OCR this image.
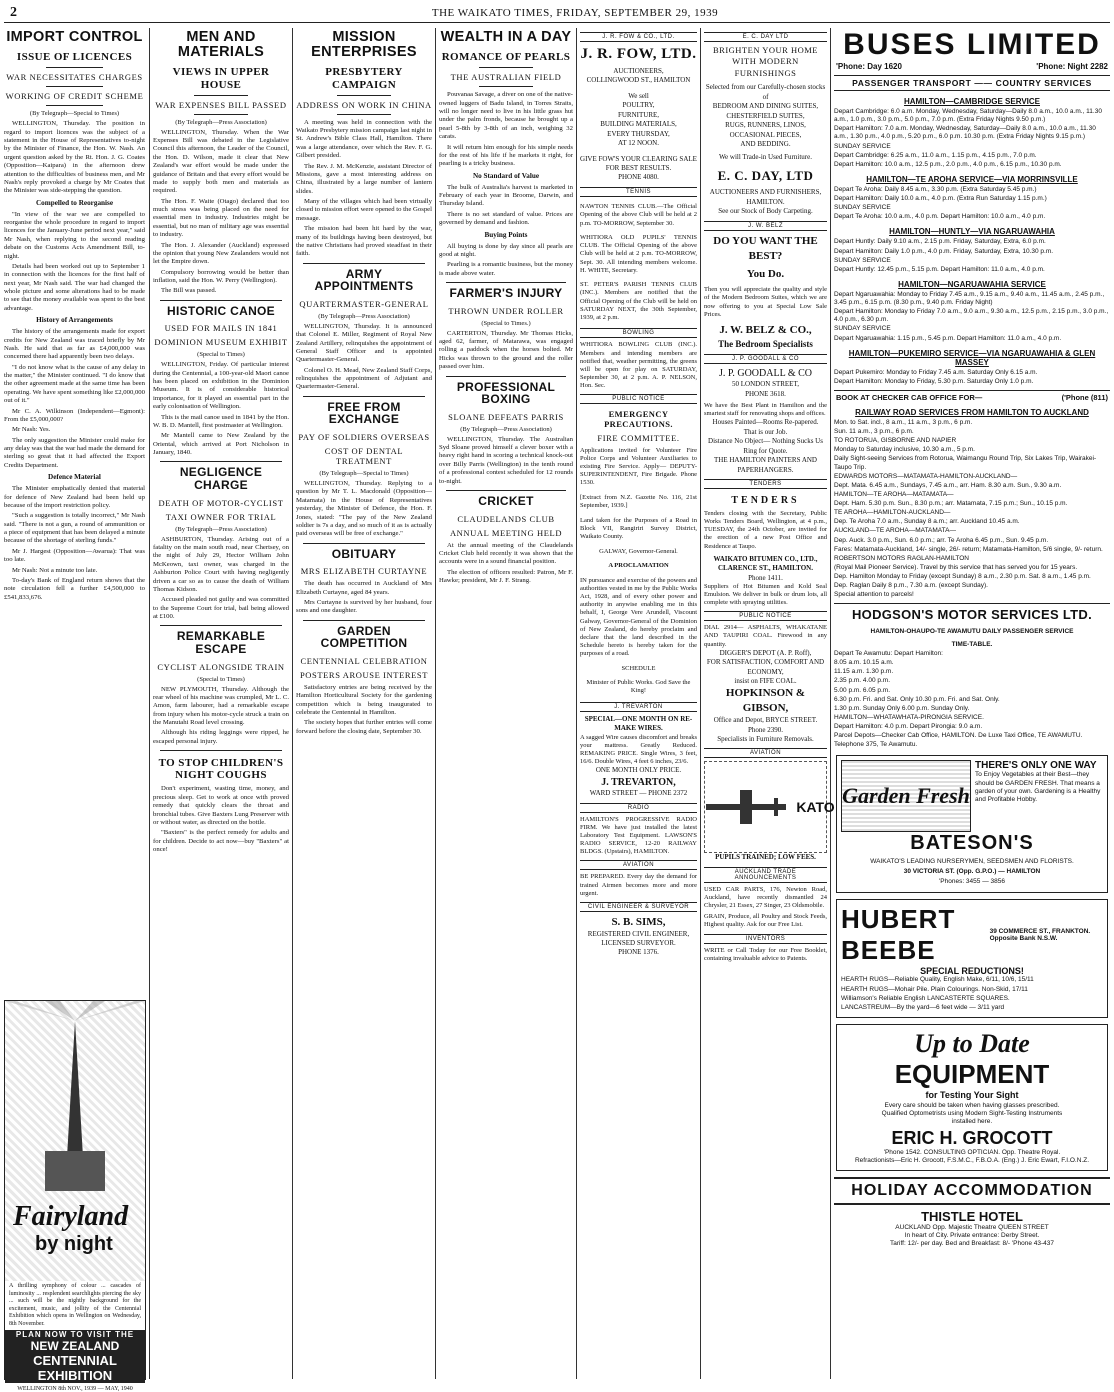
2	THE WAIKATO TIMES, FRIDAY, SEPTEMBER 29, 1939
IMPORT CONTROL
ISSUE OF LICENCES
WAR NECESSITATES CHARGES
WORKING OF CREDIT SCHEME
(By Telegraph—Special to Times)

WELLINGTON, Thursday. The position in regard to import licences was the subject of a statement in the House of Representatives to-night by the Minister of Finance, the Hon. W. Nash. An urgent question asked by the Rt. Hon. J. G. Coates (Opposition—Kaipara) in the afternoon drew attention to the difficulties of business men, and Mr Nash's reply provoked a charge by Mr Coates that the Minister was side-stepping the question.

Compelled to Reorganise

"In view of the war we are compelled to reorganise the whole procedure in regard to import licences for the January-June period next year," said Mr Nash, when replying to the second reading debate on the Customs Acts Amendment Bill, to-night.

Details had been worked out up to September 1 in connection with the licences for the first half of next year, Mr Nash said. The war had changed the whole picture and some alterations had to be made to see that the money available was spent to the best advantage.

History of Arrangements

The history of the arrangements made for export credits for New Zealand was traced briefly by Mr Nash. He said that as far as £4,000,000 was concerned there had apparently been two delays.

"I do not know what is the cause of any delay in the matter," the Minister continued. "I do know that the other agreement made at the same time has been operating. We have spent something like £2,000,000 out of it."

Mr C. A. Wilkinson (Independent—Egmont): From the £5,000,000?

Mr Nash: Yes.

The only suggestion the Minister could make for any delay was that the war had made the demand for sterling so great that it had affected the Export Credits Department.

Defence Material

The Minister emphatically denied that material for defence of New Zealand had been held up because of the import restriction policy.

"Such a suggestion is totally incorrect," Mr Nash said. "There is not a gun, a round of ammunition or a piece of equipment that has been delayed a minute because of the shortage of sterling funds."

Mr J. Hargest (Opposition—Awarua): That was too late.

Mr Nash: Not a minute too late.

To-day's Bank of England return shows that the note circulation fell a further £4,500,000 to £541,833,676.

Fairyland
by night
A thrilling symphony of colour ... cascades of luminosity ... resplendent searchlights piercing the sky ... such will be the nightly background for the excitement, music, and jollity of the Centennial Exhibition which opens in Wellington on Wednesday, 8th November.
PLAN NOW TO VISIT THE
NEW ZEALAND
CENTENNIAL
EXHIBITION
WELLINGTON 8th NOV., 1939 — MAY, 1940
MEN AND MATERIALS
VIEWS IN UPPER HOUSE
WAR EXPENSES BILL PASSED
(By Telegraph—Press Association)

WELLINGTON, Thursday. When the War Expenses Bill was debated in the Legislative Council this afternoon, the Leader of the Council, the Hon. D. Wilson, made it clear that New Zealand's war effort would be made under the guidance of Britain and that every effort would be made to supply both men and materials as required.

The Hon. F. Waite (Otago) declared that too much stress was being placed on the need for essential men in industry. Industries might be essential, but no man of military age was essential to industry.

The Hon. J. Alexander (Auckland) expressed the opinion that young New Zealanders would not let the Empire down.

Compulsory borrowing would be better than inflation, said the Hon. W. Perry (Wellington).

The Bill was passed.

HISTORIC CANOE
USED FOR MAILS IN 1841
DOMINION MUSEUM EXHIBIT
(Special to Times)

WELLINGTON, Friday. Of particular interest during the Centennial, a 100-year-old Maori canoe has been placed on exhibition in the Dominion Museum. It is of considerable historical importance, for it played an essential part in the early colonisation of Wellington.

This is the mail canoe used in 1841 by the Hon. W. B. D. Mantell, first postmaster at Wellington.

Mr Mantell came to New Zealand by the Oriental, which arrived at Port Nicholson in January, 1840.

NEGLIGENCE CHARGE
DEATH OF MOTOR-CYCLIST
TAXI OWNER FOR TRIAL
(By Telegraph—Press Association)

ASHBURTON, Thursday. Arising out of a fatality on the main south road, near Chertsey, on the night of July 29, Hector William John McKeown, taxi owner, was charged in the Ashburton Police Court with having negligently driven a car so as to cause the death of William Thomas Kidson.

Accused pleaded not guilty and was committed to the Supreme Court for trial, bail being allowed at £100.

REMARKABLE ESCAPE
CYCLIST ALONGSIDE TRAIN
(Special to Times)

NEW PLYMOUTH, Thursday. Although the rear wheel of his machine was crumpled, Mr L. C. Amon, farm labourer, had a remarkable escape from injury when his motor-cycle struck a train on the Manutahi Road level crossing.

Although his riding leggings were ripped, he escaped personal injury.

TO STOP CHILDREN'S NIGHT COUGHS

Don't experiment, wasting time, money, and precious sleep. Get to work at once with proved remedy that quickly clears the throat and bronchial tubes. Give Baxters Lung Preserver with or without water, as directed on the bottle.

"Baxters" is the perfect remedy for adults and for children. Decide to act now—buy "Baxters" at once!

MISSION ENTERPRISES
PRESBYTERY CAMPAIGN
ADDRESS ON WORK IN CHINA

A meeting was held in connection with the Waikato Presbytery mission campaign last night in St. Andrew's Bible Class Hall, Hamilton. There was a large attendance, over which the Rev. F. G. Gilbert presided.

The Rev. J. M. McKenzie, assistant Director of Missions, gave a most interesting address on China, illustrated by a large number of lantern slides.

Many of the villages which had been virtually closed to mission effort were opened to the Gospel message.

The mission had been hit hard by the war, many of its buildings having been destroyed, but the native Christians had proved steadfast in their faith.

ARMY APPOINTMENTS
QUARTERMASTER-GENERAL
(By Telegraph—Press Association)

WELLINGTON, Thursday. It is announced that Colonel E. Miller, Regiment of Royal New Zealand Artillery, relinquishes the appointment of General Staff Officer and is appointed Quartermaster-General.

Colonel O. H. Mead, New Zealand Staff Corps, relinquishes the appointment of Adjutant and Quartermaster-General.

FREE FROM EXCHANGE
PAY OF SOLDIERS OVERSEAS
COST OF DENTAL TREATMENT
(By Telegraph—Special to Times)

WELLINGTON, Thursday. Replying to a question by Mr T. L. Macdonald (Opposition—Matamata) in the House of Representatives yesterday, the Minister of Defence, the Hon. F. Jones, stated: "The pay of the New Zealand soldier is 7s a day, and so much of it as is actually paid overseas will be free of exchange."

OBITUARY
MRS ELIZABETH CURTAYNE

The death has occurred in Auckland of Mrs Elizabeth Curtayne, aged 84 years.

Mrs Curtayne is survived by her husband, four sons and one daughter.

GARDEN COMPETITION
CENTENNIAL CELEBRATION
POSTERS AROUSE INTEREST

Satisfactory entries are being received by the Hamilton Horticultural Society for the gardening competition which is being inaugurated to celebrate the Centennial in Hamilton.

The society hopes that further entries will come forward before the closing date, September 30.

WEALTH IN A DAY
ROMANCE OF PEARLS
THE AUSTRALIAN FIELD

Pouvanaa Savage, a diver on one of the native-owned luggers of Badu Island, in Torres Straits, will no longer need to live in his little grass hut under the palm fronds, because he brought up a pearl 5-8th by 3-8th of an inch, weighing 32 carats.

It will return him enough for his simple needs for the rest of his life if he markets it right, for pearling is a tricky business.

No Standard of Value

The bulk of Australia's harvest is marketed in February of each year in Broome, Darwin, and Thursday Island.

There is no set standard of value. Prices are governed by demand and fashion.

Buying Points

All buying is done by day since all pearls are good at night.

Pearling is a romantic business, but the money is made above water.

FARMER'S INJURY
THROWN UNDER ROLLER
(Special to Times.)

CARTERTON, Thursday. Mr Thomas Hicks, aged 62, farmer, of Matarawa, was engaged rolling a paddock when the horses bolted. Mr Hicks was thrown to the ground and the roller passed over him.

PROFESSIONAL BOXING
SLOANE DEFEATS PARRIS
(By Telegraph—Press Association)

WELLINGTON, Thursday. The Australian Syd Sloane proved himself a clever boxer with a heavy right hand in scoring a technical knock-out over Billy Parris (Wellington) in the tenth round of a professional contest scheduled for 12 rounds to-night.

CRICKET
CLAUDELANDS CLUB
ANNUAL MEETING HELD

At the annual meeting of the Claudelands Cricket Club held recently it was shown that the accounts were in a sound financial position.

The election of officers resulted: Patron, Mr F. Hawke; president, Mr J. F. Strang.

J. R. FOW & CO., LTD.
J. R. FOW, LTD.
AUCTIONEERS,
COLLINGWOOD ST., HAMILTON
We sell
POULTRY,
FURNITURE,
BUILDING MATERIALS,
EVERY THURSDAY,
AT 12 NOON.
GIVE FOW'S YOUR CLEARING SALE FOR BEST RESULTS.
PHONE 4080.
TENNIS

NAWTON TENNIS CLUB.—The Official Opening of the above Club will be held at 2 p.m. TO-MORROW, September 30.

WHITIORA OLD PUPILS' TENNIS CLUB. The Official Opening of the above Club will be held at 2 p.m. TO-MORROW, Sept. 30. All intending members welcome. H. WHITE, Secretary.

ST. PETER'S PARISH TENNIS CLUB (INC.). Members are notified that the Official Opening of the Club will be held on SATURDAY NEXT, the 30th September, 1939, at 2 p.m.

BOWLING
WHITIORA BOWLING CLUB (INC.). Members and intending members are notified that, weather permitting, the greens will be open for play on SATURDAY, September 30, at 2 p.m. A. P. NELSON, Hon. Sec.
PUBLIC NOTICE
EMERGENCY PRECAUTIONS.
FIRE COMMITTEE.
Applications invited for Volunteer Fire Police Corps and Volunteer Auxiliaries to existing Fire Service. Apply— DEPUTY-SUPERINTENDENT, Fire Brigade. Phone 1530.

[Extract from N.Z. Gazette No. 116, 21st September, 1939.]

Land taken for the Purposes of a Road in Block VII, Rangiriri Survey District, Waikato County.

GALWAY, Governor-General.

A PROCLAMATION

IN pursuance and exercise of the powers and authorities vested in me by the Public Works Act, 1928, and of every other power and authority in anywise enabling me in this behalf, I, George Vere Arundell, Viscount Galway, Governor-General of the Dominion of New Zealand, do hereby proclaim and declare that the land described in the Schedule hereto is hereby taken for the purposes of a road.

SCHEDULE

Minister of Public Works. God Save the King!

J. TREVARTON
SPECIAL—ONE MONTH ON RE-MAKE WIRES.
A sagged Wire causes discomfort and breaks your mattress. Greatly Reduced. REMAKING PRICE. Single Wires, 3 feet, 16/6. Double Wires, 4 feet 6 inches, 23/6.
ONE MONTH ONLY PRICE.
J. TREVARTON,
WARD STREET — PHONE 2372
RADIO
HAMILTON'S PROGRESSIVE RADIO FIRM. We have just installed the latest Laboratory Test Equipment. LAWSON'S RADIO SERVICE, 12-20 RAILWAY BLDGS. (Upstairs), HAMILTON.
AVIATION
BE PREPARED. Every day the demand for trained Airmen becomes more and more urgent.
CIVIL ENGINEER & SURVEYOR
S. B. SIMS,
REGISTERED CIVIL ENGINEER, LICENSED SURVEYOR.
PHONE 1376.
E. C. DAY LTD
BRIGHTEN YOUR HOME WITH MODERN FURNISHINGS
Selected from our Carefully-chosen stocks of
BEDROOM AND DINING SUITES,
CHESTERFIELD SUITES,
RUGS, RUNNERS, LINOS,
OCCASIONAL PIECES,
AND BEDDING.
We will Trade-in Used Furniture.
E. C. DAY, LTD
AUCTIONEERS AND FURNISHERS, HAMILTON.
See our Stock of Body Carpeting.
J. W. BELZ
DO YOU WANT THE BEST?
You Do.
Then you will appreciate the quality and style of the Modern Bedroom Suites, which we are now offering to you at Special Low Sale Prices.
J. W. BELZ & CO.,
The Bedroom Specialists
J. P. GOODALL & CO
J. P. GOODALL & CO
50 LONDON STREET,
PHONE 3618.
We have the Best Plant in Hamilton and the smartest staff for renovating shops and offices.
Houses Painted—Rooms Re-papered.
That is our Job.
Distance No Object— Nothing Sucks Us
Ring for Quote.
THE HAMILTON PAINTERS AND PAPERHANGERS.
TENDERS
TENDERS
Tenders closing with the Secretary, Public Works Tenders Board, Wellington, at 4 p.m., TUESDAY, the 24th October, are invited for the erection of a new Post Office and Residence at Taupo.
WAIKATO BITUMEN CO., LTD., CLARENCE ST., HAMILTON.
Phone 1411.
Suppliers of Hot Bitumen and Kold Seal Emulsion. We deliver in bulk or drum lots, all complete with spraying utilities.
PUBLIC NOTICE
DIAL 2914— ASPHALTS, WHAKATANE AND TAUPIRI COAL. Firewood in any quantity.
DIGGER'S DEPOT (A. P. Roff),
FOR SATISFACTION, COMFORT AND ECONOMY,
insist on FIFE COAL.
HOPKINSON & GIBSON,
Office and Depot, BRYCE STREET.
Phone 2390.
Specialists in Furniture Removals.
AVIATION
KATO
PUPILS TRAINED; LOW FEES.
AUCKLAND TRADE ANNOUNCEMENTS
USED CAR PARTS, 176, Newton Road, Auckland, have recently dismantled 24 Chrysler, 21 Essex, 27 Singer, 23 Oldsmobile.
GRAIN, Produce, all Poultry and Stock Feeds, Highest quality. Ask for our Free List.
INVENTORS
WRITE or Call Today for our Free Booklet, containing invaluable advice to Patents.
BUSES LIMITED
'Phone: Day 1620	'Phone: Night 2282
PASSENGER TRANSPORT —— COUNTRY SERVICES
HAMILTON—CAMBRIDGE SERVICE

Depart Cambridge: 6.0 a.m. Monday, Wednesday, Saturday—Daily 8.0 a.m., 10.0 a.m., 11.30 a.m., 1.0 p.m., 3.0 p.m., 5.0 p.m., 7.0 p.m. (Extra Friday Nights 9.50 p.m.)

Depart Hamilton: 7.0 a.m. Monday, Wednesday, Saturday—Daily 8.0 a.m., 10.0 a.m., 11.30 a.m., 1.30 p.m., 4.0 p.m., 5.20 p.m., 6.0 p.m. 10.30 p.m. (Extra Friday Nights 9.15 p.m.)

SUNDAY SERVICE

Depart Cambridge: 6.25 a.m., 11.0 a.m., 1.15 p.m., 4.15 p.m., 7.0 p.m.

Depart Hamilton: 10.0 a.m., 12.5 p.m., 2.0 p.m., 4.0 p.m., 6.15 p.m., 10.30 p.m.

HAMILTON—TE AROHA SERVICE—VIA MORRINSVILLE

Depart Te Aroha: Daily 8.45 a.m., 3.30 p.m. (Extra Saturday 5.45 p.m.)

Depart Hamilton: Daily 10.0 a.m., 4.0 p.m. (Extra Run Saturday 1.15 p.m.)

SUNDAY SERVICE

Depart Te Aroha: 10.0 a.m., 4.0 p.m. Depart Hamilton: 10.0 a.m., 4.0 p.m.

HAMILTON—HUNTLY—VIA NGARUAWAHIA

Depart Huntly: Daily 9.10 a.m., 2.15 p.m. Friday, Saturday, Extra, 6.0 p.m.

Depart Hamilton: Daily 1.0 p.m., 4.0 p.m. Friday, Saturday, Extra, 10.30 p.m.

SUNDAY SERVICE

Depart Huntly: 12.45 p.m., 5.15 p.m. Depart Hamilton: 11.0 a.m., 4.0 p.m.

HAMILTON—NGARUAWAHIA SERVICE

Depart Ngaruawahia: Monday to Friday 7.45 a.m., 9.15 a.m., 9.40 a.m., 11.45 a.m., 2.45 p.m., 3.45 p.m., 6.15 p.m. (8.30 p.m., 9.40 p.m. Friday Night)

Depart Hamilton: Monday to Friday 7.0 a.m., 9.0 a.m., 9.30 a.m., 12.5 p.m., 2.15 p.m., 3.0 p.m., 4.0 p.m., 6.30 p.m.

SUNDAY SERVICE

Depart Ngaruawahia: 1.15 p.m., 5.45 p.m. Depart Hamilton: 11.0 a.m., 4.0 p.m.

HAMILTON—PUKEMIRO SERVICE—VIA NGARUAWAHIA & GLEN MASSEY

Depart Pukemiro: Monday to Friday 7.45 a.m. Saturday Only 6.15 a.m.

Depart Hamilton: Monday to Friday, 5.30 p.m. Saturday Only 1.0 p.m.

BOOK AT CHECKER CAB OFFICE FOR—	('Phone (811)
RAILWAY ROAD SERVICES FROM HAMILTON TO AUCKLAND

Mon. to Sat. incl., 8 a.m., 11 a.m., 3 p.m., 6 p.m.

Sun. 11 a.m., 3 p.m., 6 p.m.

TO ROTORUA, GISBORNE AND NAPIER

Monday to Saturday inclusive, 10.30 a.m., 5 p.m.

Daily Sight-seeing Services from Rotorua, Waimangu Round Trip, Six Lakes Trip, Wairakei-Taupo Trip.

EDWARDS MOTORS—MATAMATA-HAMILTON-AUCKLAND—

Dept. Mata. 6.45 a.m., Sundays, 7.45 a.m., arr. Ham. 8.30 a.m. Sun., 9.30 a.m.

HAMILTON—TE AROHA—MATAMATA—

Dept. Ham. 5.30 p.m. Sun., 8.30 p.m.; arr. Matamata, 7.15 p.m.; Sun., 10.15 p.m.

TE AROHA—HAMILTON-AUCKLAND—

Dep. Te Aroha 7.0 a.m., Sunday 8 a.m.; arr. Auckland 10.45 a.m.

AUCKLAND—TE AROHA—MATAMATA—

Dep. Auck. 3.0 p.m., Sun. 6.0 p.m.; arr. Te Aroha 6.45 p.m., Sun. 9.45 p.m.

Fares: Matamata-Auckland, 14/- single, 26/- return; Matamata-Hamilton, 5/6 single, 9/- return.

ROBERTSON MOTORS RAGLAN-HAMILTON

(Royal Mail Pioneer Service). Travel by this service that has served you for 15 years.

Dep. Hamilton Monday to Friday (except Sunday) 8 a.m., 2.30 p.m. Sat. 8 a.m., 1.45 p.m.

Dep. Raglan Daily 8 p.m., 7.30 a.m. (except Sunday).

Special attention to parcels!

HODGSON'S MOTOR SERVICES LTD.
HAMILTON-OHAUPO-TE AWAMUTU DAILY PASSENGER SERVICE
TIME-TABLE.

Depart Te Awamutu: Depart Hamilton:

8.05 a.m. 10.15 a.m.

11.15 a.m. 1.30 p.m.

2.35 p.m. 4.00 p.m.

5.00 p.m. 6.05 p.m.

6.30 p.m. Fri. and Sat. Only 10.30 p.m. Fri. and Sat. Only.

1.30 p.m. Sunday Only 6.00 p.m. Sunday Only.

HAMILTON—WHATAWHATA-PIRONGIA SERVICE.

Depart Hamilton: 4.0 p.m. Depart Pirongia: 9.0 a.m.

Parcel Depots—Checker Cab Office, HAMILTON. De Luxe Taxi Office, TE AWAMUTU.

Telephone 375, Te Awamutu.

Garden Fresh
THERE'S ONLY ONE WAY
To Enjoy Vegetables at their Best—they should be GARDEN FRESH. That means a garden of your own. Gardening is a Healthy and Profitable Hobby.
BATESON'S
WAIKATO'S LEADING NURSERYMEN, SEEDSMEN AND FLORISTS.
30 VICTORIA ST. (Opp. G.P.O.) — HAMILTON
'Phones: 3455 — 3856
HUBERT BEEBE
39 COMMERCE ST., FRANKTON. Opposite Bank N.S.W.
SPECIAL REDUCTIONS!

HEARTH RUGS—Reliable Quality, English Make, 6/11, 10/6, 15/11

HEARTH RUGS—Mohair Pile. Plain Colourings. Non-Skid, 17/11

Williamson's Reliable English LANCASTERTE SQUARES.

LANCASTREUM—By the yard—6 feet wide — 3/11 yard

Up to Date
EQUIPMENT
for Testing Your Sight
Every care should be taken when having glasses prescribed. Qualified Optometrists using Modern Sight-Testing Instruments installed here.
ERIC H. GROCOTT
'Phone 1542. CONSULTING OPTICIAN. Opp. Theatre Royal.
Refractionists—Eric H. Grocott, F.S.M.C., F.B.O.A. (Eng.) J. Eric Ewart, F.I.O.N.Z.
HOLIDAY ACCOMMODATION
THISTLE HOTEL
AUCKLAND Opp. Majestic Theatre QUEEN STREET
In heart of City. Private entrance: Derby Street.
Tariff: 12/- per day. Bed and Breakfast: 8/- 'Phone 43-437
